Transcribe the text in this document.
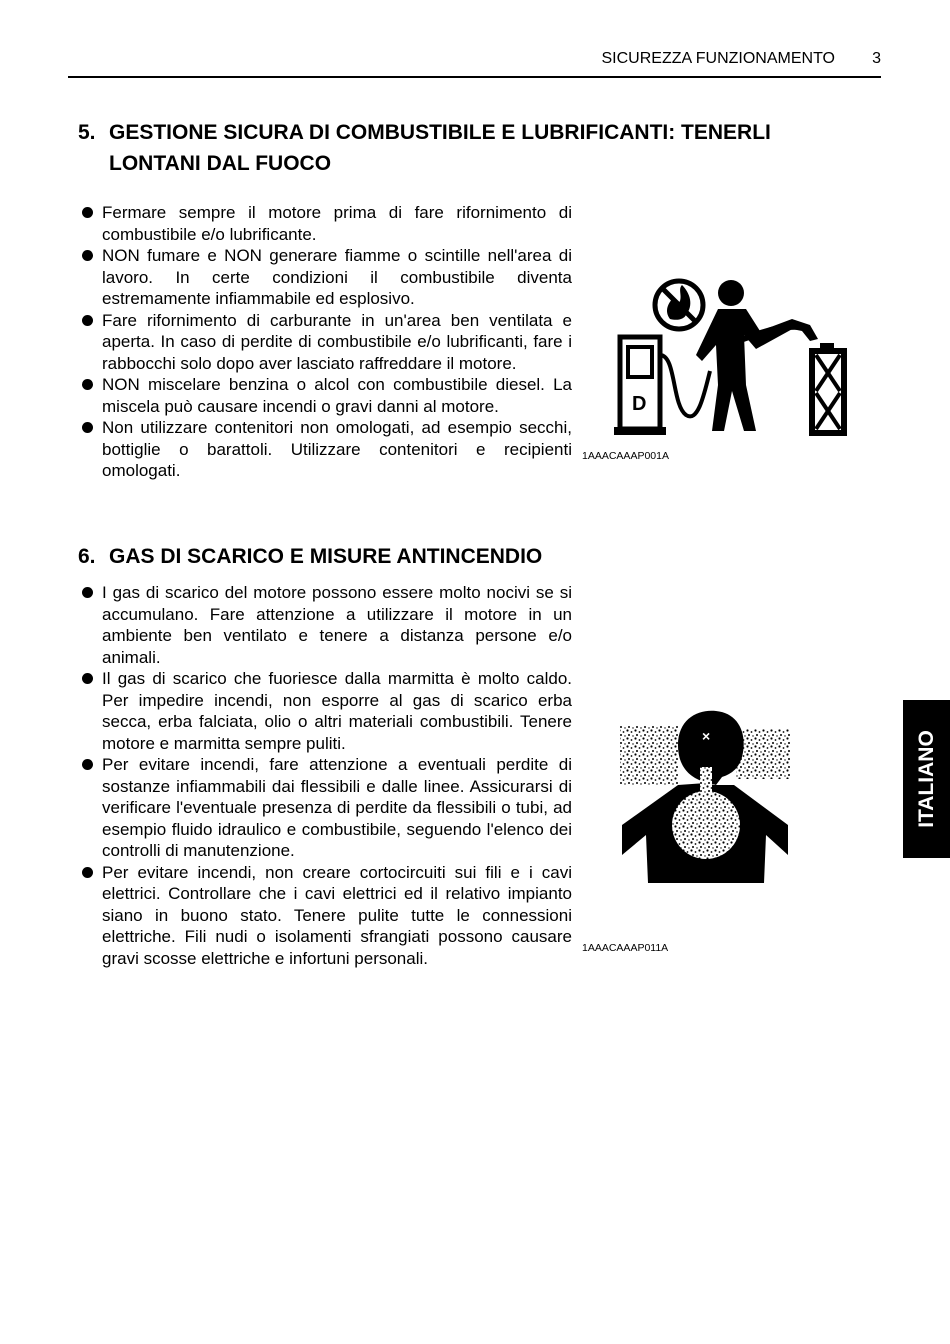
SICUREZZA FUNZIONAMENTO 3
5. GESTIONE SICURA DI COMBUSTIBILE E LUBRIFICANTI: TENERLI LONTANI DAL FUOCO
Fermare sempre il motore prima di fare rifornimento di combustibile e/o lubrificante.
NON fumare e NON generare fiamme o scintille nell'area di lavoro. In certe condizioni il combustibile diventa estremamente infiammabile ed esplosivo.
Fare rifornimento di carburante in un'area ben ventilata e aperta. In caso di perdite di combustibile e/o lubrificanti, fare i rabbocchi solo dopo aver lasciato raffreddare il motore.
NON miscelare benzina o alcol con combustibile diesel. La miscela può causare incendi o gravi danni al motore.
Non utilizzare contenitori non omologati, ad esempio secchi, bottiglie o barattoli. Utilizzare contenitori e recipienti omologati.
D
1AAACAAAP001A
6. GAS DI SCARICO E MISURE ANTINCENDIO
I gas di scarico del motore possono essere molto nocivi se si accumulano. Fare attenzione a utilizzare il motore in un ambiente ben ventilato e tenere a distanza persone e/o animali.
Il gas di scarico che fuoriesce dalla marmitta è molto caldo. Per impedire incendi, non esporre al gas di scarico erba secca, erba falciata, olio o altri materiali combustibili. Tenere motore e marmitta sempre puliti.
Per evitare incendi, fare attenzione a eventuali perdite di sostanze infiammabili dai flessibili e dalle linee. Assicurarsi di verificare l'eventuale presenza di perdite da flessibili o tubi, ad esempio fluido idraulico e combustibile, seguendo l'elenco dei controlli di manutenzione.
Per evitare incendi, non creare cortocircuiti sui fili e i cavi elettrici. Controllare che i cavi elettrici ed il relativo impianto siano in buono stato. Tenere pulite tutte le connessioni elettriche. Fili nudi o isolamenti sfrangiati possono causare gravi scosse elettriche e infortuni personali.
×
1AAACAAAP011A
ITALIANO
